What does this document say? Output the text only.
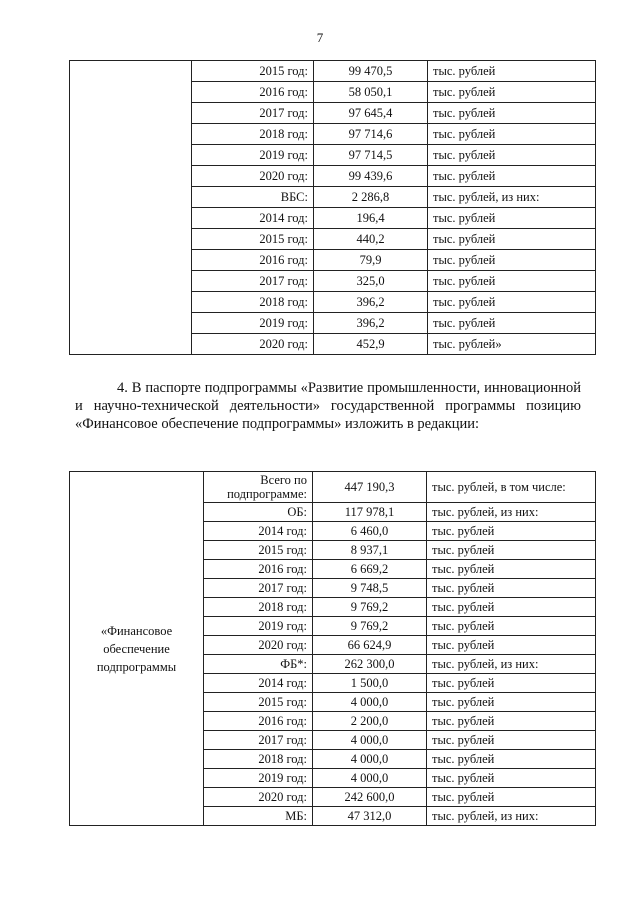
7
	2015 год:	99 470,5	тыс. рублей
	2016 год:	58 050,1	тыс. рублей
	2017 год:	97 645,4	тыс. рублей
	2018 год:	97 714,6	тыс. рублей
	2019 год:	97 714,5	тыс. рублей
	2020 год:	99 439,6	тыс. рублей
	ВБС:	2 286,8	тыс. рублей, из них:
	2014 год:	196,4	тыс. рублей
	2015 год:	440,2	тыс. рублей
	2016 год:	79,9	тыс. рублей
	2017 год:	325,0	тыс. рублей
	2018 год:	396,2	тыс. рублей
	2019 год:	396,2	тыс. рублей
	2020 год:	452,9	тыс. рублей»

4. В паспорте подпрограммы «Развитие промышленности, инновационной и научно-технической деятельности» государственной программы позицию «Финансовое обеспечение подпрограммы» изложить в редакции:

«Финансовое обеспечение подпрограммы	Всего по подпрограмме:	447 190,3	тыс. рублей, в том числе:
	ОБ:	117 978,1	тыс. рублей, из них:
	2014 год:	6 460,0	тыс. рублей
	2015 год:	8 937,1	тыс. рублей
	2016 год:	6 669,2	тыс. рублей
	2017 год:	9 748,5	тыс. рублей
	2018 год:	9 769,2	тыс. рублей
	2019 год:	9 769,2	тыс. рублей
	2020 год:	66 624,9	тыс. рублей
	ФБ*:	262 300,0	тыс. рублей, из них:
	2014 год:	1 500,0	тыс. рублей
	2015 год:	4 000,0	тыс. рублей
	2016 год:	2 200,0	тыс. рублей
	2017 год:	4 000,0	тыс. рублей
	2018 год:	4 000,0	тыс. рублей
	2019 год:	4 000,0	тыс. рублей
	2020 год:	242 600,0	тыс. рублей
	МБ:	47 312,0	тыс. рублей, из них:
